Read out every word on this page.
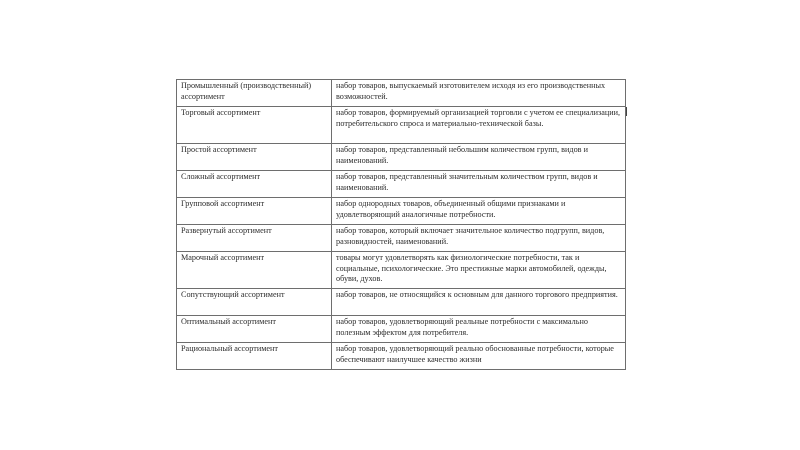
Промышленный (производственный) ассортимент	набор товаров, выпускаемый изготовителем исходя из его производственных возможностей.
Торговый ассортимент	набор товаров, формируемый организацией торговли с учетом ее специализации, потребительского спроса и материально-технической базы.
Простой ассортимент	набор товаров, представленный небольшим количеством групп, видов и наименований.
Сложный ассортимент	набор товаров, представленный значительным количеством групп, видов и наименований.
Групповой ассортимент	набор однородных товаров, объединенный общими признаками и удовлетворяющий аналогичные потребности.
Развернутый ассортимент	набор товаров, который включает значительное количество подгрупп, видов, разновидностей, наименований.
Марочный ассортимент	товары могут удовлетворять как физиологические потребности, так и социальные, психологические. Это престижные марки автомобилей, одежды, обуви, духов.
Сопутствующий ассортимент	набор товаров, не относящийся к основным для данного торгового предприятия.
Оптимальный ассортимент	набор товаров, удовлетворяющий реальные потребности с максимально полезным эффектом для потребителя.
Рациональный ассортимент	набор товаров, удовлетворяющий реально обоснованные потребности, которые обеспечивают наилучшее качество жизни
